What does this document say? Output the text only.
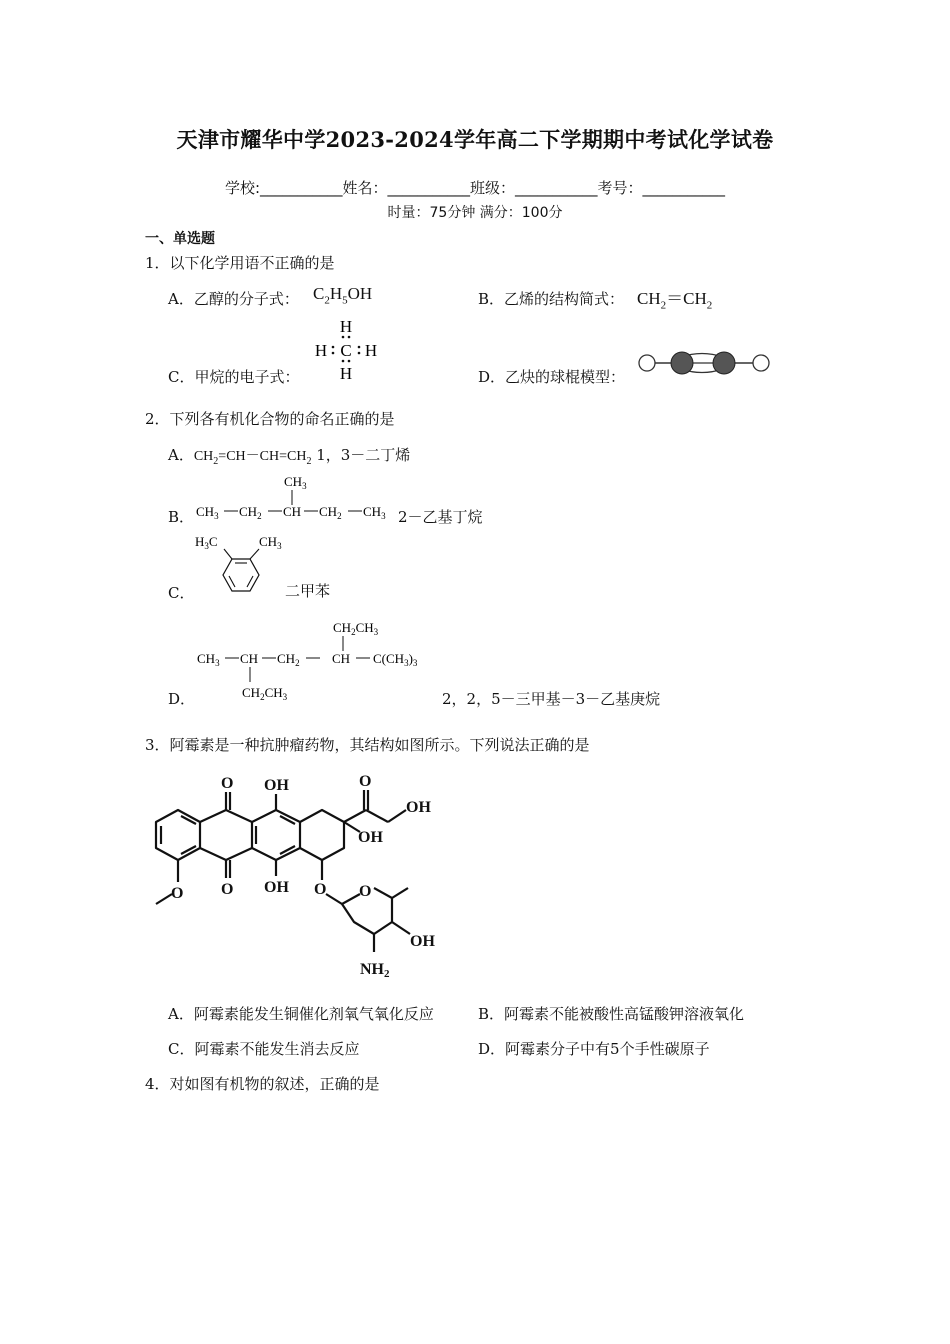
天津市耀华中学2023-2024学年高二下学期期中考试化学试卷
学校:___________姓名：___________班级：___________考号：___________
时量：75分钟 满分：100分
一、单选题
1．以下化学用语不正确的是
A．乙醇的分子式： $C_2H_5OH$	B．乙烯的结构简式： $CH_2=CH_2$
C．甲烷的电子式：
H
H C H
H	D．乙炔的球棍模型：
2．下列各有机化合物的命名正确的是
A．$CH_2=CH-CH=CH_2$ 1，3－二丁烯
B．
$CH_3$
$CH_3$ $CH_2$ CH $CH_2$ $CH_3$ 2－乙基丁烷
C．
$H_3C$	$CH_3$
二甲苯
D．
$CH_2CH_3$
$CH_3$ CH $CH_2$ CH $C(CH_3)_3$
$CH_2CH_3$	2，2，5－三甲基－3－乙基庚烷
3．阿霉素是一种抗肿瘤药物，其结构如图所示。下列说法正确的是
O
O
OH
OH
O
OH
OH
O	O O
OH
NH2
A．阿霉素能发生铜催化剂氧气氧化反应	B．阿霉素不能被酸性高锰酸钾溶液氧化
C．阿霉素不能发生消去反应	D．阿霉素分子中有5个手性碳原子
4．对如图有机物的叙述，正确的是
